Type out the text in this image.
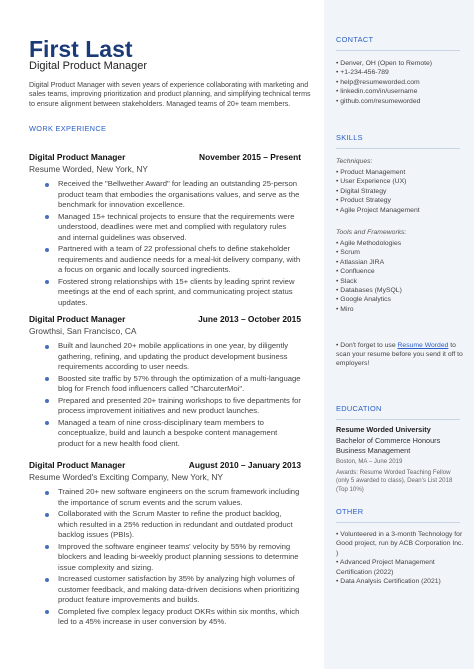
First Last
Digital Product Manager
Digital Product Manager with seven years of experience collaborating with marketing and sales teams, improving prioritization and product planning, and simplifying technical terms to ensure alignment between stakeholders. Managed teams of 20+ team members.
WORK EXPERIENCE
Digital Product Manager	November 2015 – Present
Resume Worded, New York, NY
Received the "Bellwether Award" for leading an outstanding 25-person product team that embodies the organisations values, and serve as the benchmark for innovation excellence.
Managed 15+ technical projects to ensure that the requirements were understood, deadlines were met and complied with regulatory rules and internal guidelines was observed.
Partnered with a team of 22 professional chefs to define stakeholder requirements and audience needs for a meal-kit delivery company, with a focus on organic and locally sourced ingredients.
Fostered strong relationships with 15+ clients by leading sprint review meetings at the end of each sprint, and communicating project status updates.
Digital Product Manager	June 2013 – October 2015
Growthsi, San Francisco, CA
Built and launched 20+ mobile applications in one year, by diligently gathering, refining, and updating the product development business requirements according to user needs.
Boosted site traffic by 57% through the optimization of a multi-language blog for French food influencers called "CharcuterMoi".
Prepared and presented 20+ training workshops to five departments for process improvement initiatives and new product launches.
Managed a team of nine cross-disciplinary team members to conceptualize, build and launch a bespoke content management product for a new health food client.
Digital Product Manager	August 2010 – January 2013
Resume Worded's Exciting Company, New York, NY
Trained 20+ new software engineers on the scrum framework including the importance of scrum events and the scrum values.
Collaborated with the Scrum Master to refine the product backlog, which resulted in a 25% reduction in redundant and outdated product backlog issues (PBIs).
Improved the software engineer teams' velocity by 55% by removing blockers and leading bi-weekly product planning sessions to determine issue complexity and sizing.
Increased customer satisfaction by 35% by analyzing high volumes of customer feedback, and making data-driven decisions when prioritizing product feature improvements and builds.
Completed five complex legacy product OKRs within six months, which led to a 45% increase in user conversion by 45%.
CONTACT
• Denver, OH (Open to Remote)
• +1-234-456-789
• help@resumeworded.com
• linkedin.com/in/username
• github.com/resumeworded
SKILLS
Techniques:
• Product Management
• User Experience (UX)
• Digital Strategy
• Product Strategy
• Agile Project Management
Tools and Frameworks:
• Agile Methodologies
• Scrum
• Atlassian JIRA
• Confluence
• Slack
• Databases (MySQL)
• Google Analytics
• Miro
• Don't forget to use Resume Worded to scan your resume before you send it off to employers!
EDUCATION
Resume Worded University
Bachelor of Commerce Honours Business Management
Boston, MA – June 2019
Awards: Resume Worded Teaching Fellow (only 5 awarded to class), Dean's List 2018 (Top 10%)
OTHER
• Volunteered in a 3-month Technology for Good project, run by ACB Corporation Inc. )
• Advanced Project Management Certification (2022)
• Data Analysis Certification (2021)
